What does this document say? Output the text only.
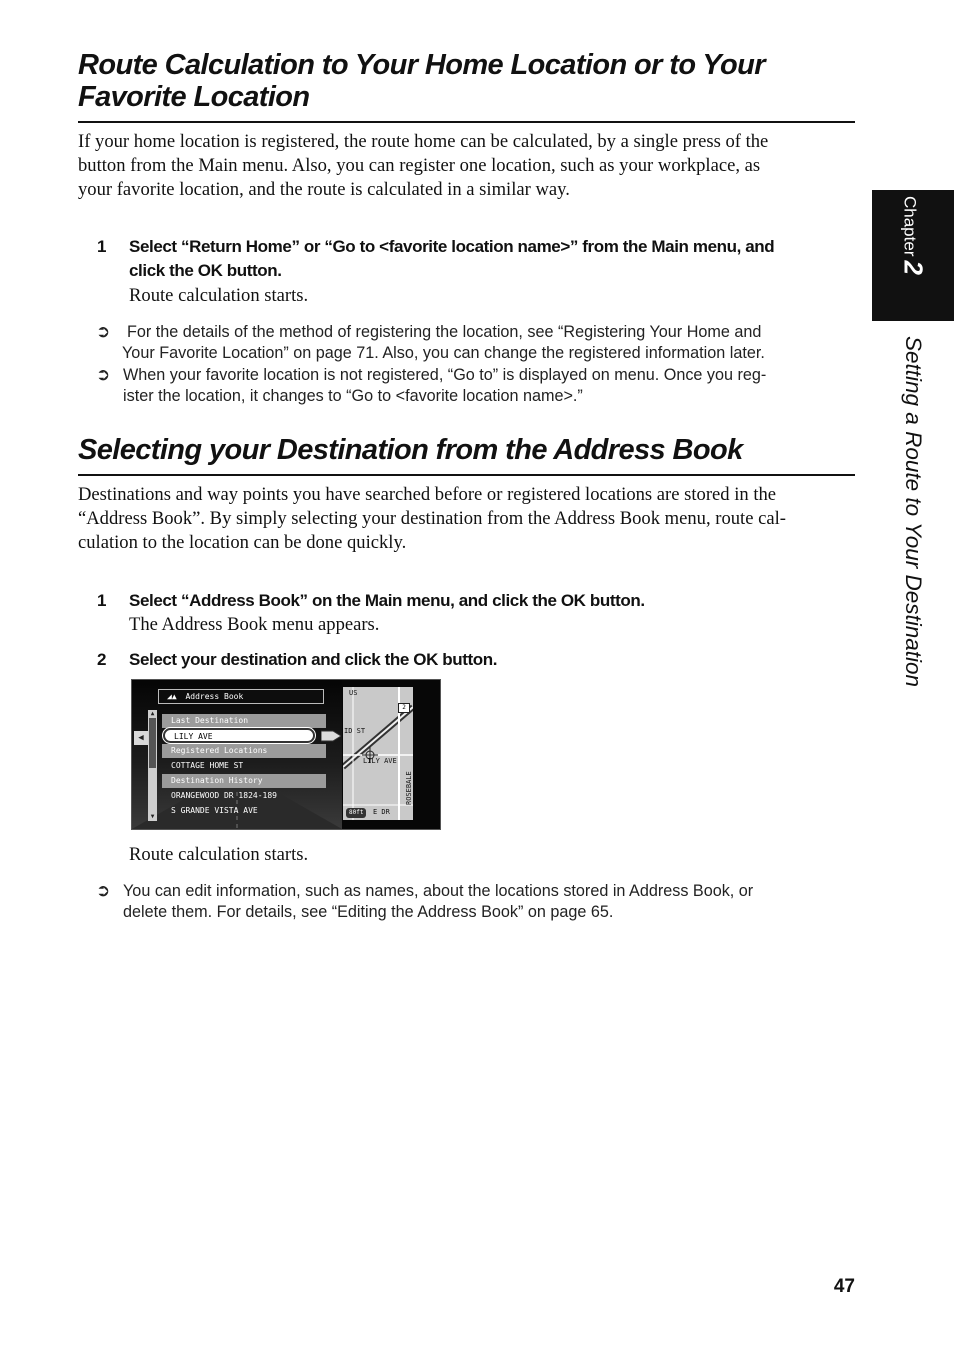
Route Calculation to Your Home Location or to Your
Favorite Location

If your home location is registered, the route home can be calculated, by a single press of the
button from the Main menu. Also, you can register one location, such as your workplace, as
your favorite location, and the route is calculated in a similar way.

1 Select “Return Home” or “Go to <favorite location name>” from the Main menu, and
click the OK button.
Route calculation starts.
➲ For the details of the method of registering the location, see “Registering Your Home and
Your Favorite Location” on page 71. Also, you can change the registered information later.
➲ When your favorite location is not registered, “Go to” is displayed on menu. Once you reg-
ister the location, it changes to “Go to <favorite location name>.”
Selecting your Destination from the Address Book

Destinations and way points you have searched before or registered locations are stored in the
“Address Book”. By simply selecting your destination from the Address Book menu, route cal-
culation to the location can be done quickly.

1 Select “Address Book” on the Main menu, and click the OK button.
The Address Book menu appears.
2 Select your destination and click the OK button.
◢▲ Address Book
◀
▲
▼
Last Destination
LILY AVE
Registered Locations
COTTAGE HOME ST
Destination History
ORANGEWOOD DR 1824-189
S GRANDE VISTA AVE
US
ID ST
LILY AVE
ROSEBALE
E DR
2
80ft
Route calculation starts.
➲ You can edit information, such as names, about the locations stored in Address Book, or
delete them. For details, see “Editing the Address Book” on page 65.
Chapter2
Setting a Route to Your Destination
47
